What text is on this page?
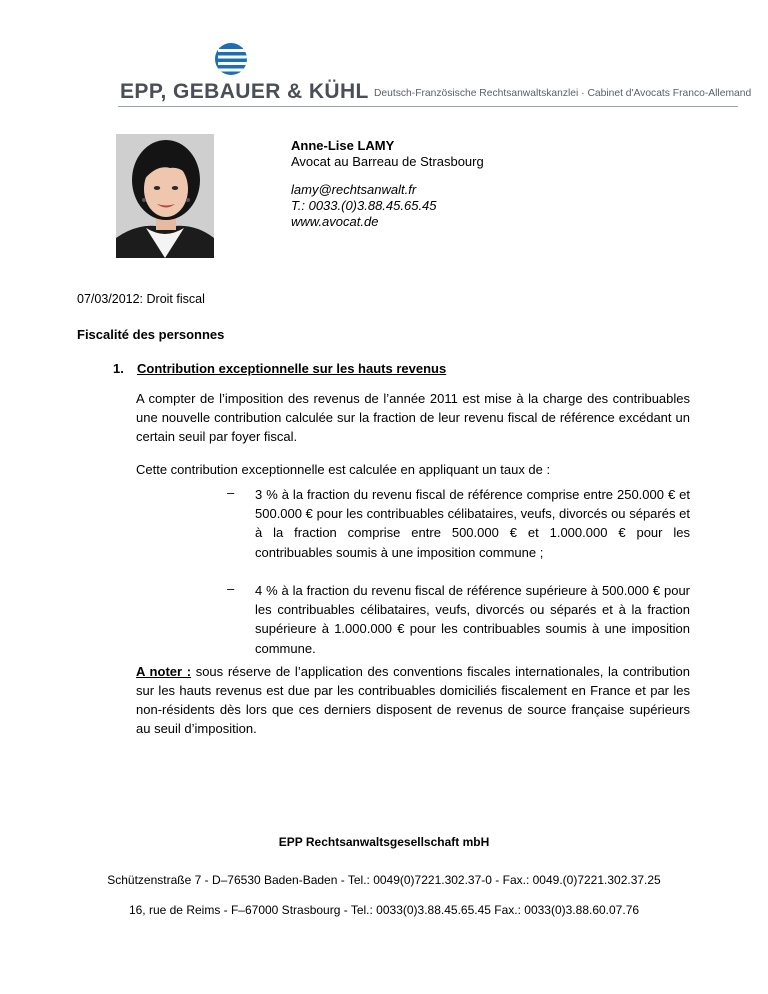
EPP, GEBAUER & KÜHL Deutsch-Französische Rechtsanwaltskanzlei · Cabinet d'Avocats Franco-Allemand
Anne-Lise LAMY
Avocat au Barreau de Strasbourg
lamy@rechtsanwalt.fr
T.: 0033.(0)3.88.45.65.45
www.avocat.de
07/03/2012: Droit fiscal
Fiscalité des personnes
1. Contribution exceptionnelle sur les hauts revenus

A compter de l’imposition des revenus de l’année 2011 est mise à la charge des contribuables une nouvelle contribution calculée sur la fraction de leur revenu fiscal de référence excédant un certain seuil par foyer fiscal.

Cette contribution exceptionnelle est calculée en appliquant un taux de :

– 3 % à la fraction du revenu fiscal de référence comprise entre 250.000 € et 500.000 € pour les contribuables célibataires, veufs, divorcés ou séparés et à la fraction comprise entre 500.000 € et 1.000.000 € pour les contribuables soumis à une imposition commune ;
– 4 % à la fraction du revenu fiscal de référence supérieure à 500.000 € pour les contribuables célibataires, veufs, divorcés ou séparés et à la fraction supérieure à 1.000.000 € pour les contribuables soumis à une imposition commune.

A noter : sous réserve de l’application des conventions fiscales internationales, la contribution sur les hauts revenus est due par les contribuables domiciliés fiscalement en France et par les non-résidents dès lors que ces derniers disposent de revenus de source française supérieurs au seuil d’imposition.

EPP Rechtsanwaltsgesellschaft mbH
Schützenstraße 7 - D–76530 Baden-Baden - Tel.: 0049(0)7221.302.37-0 - Fax.: 0049.(0)7221.302.37.25
16, rue de Reims - F–67000 Strasbourg - Tel.: 0033(0)3.88.45.65.45 Fax.: 0033(0)3.88.60.07.76
